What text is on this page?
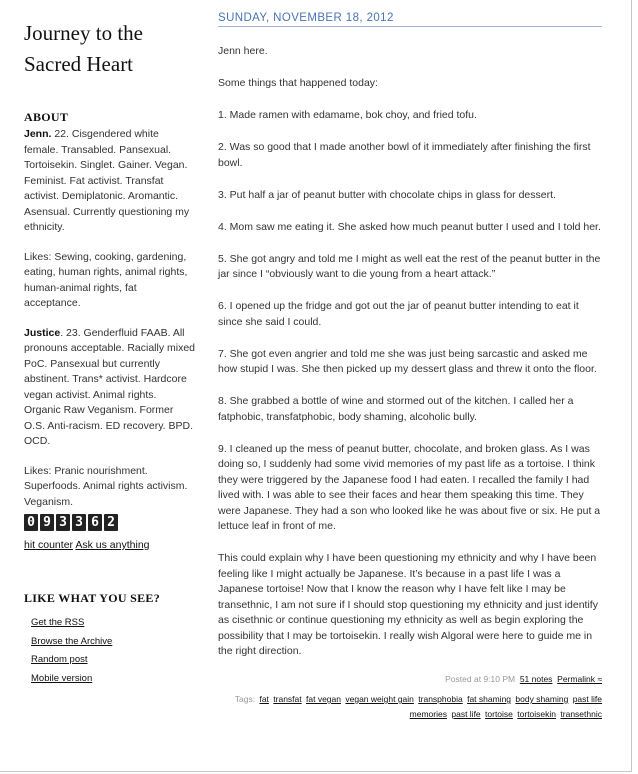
Journey to the
Sacred Heart
ABOUT

Jenn. 22. Cisgendered white female. Transabled. Pansexual. Tortoisekin. Singlet. Gainer. Vegan. Feminist. Fat activist. Transfat activist. Demiplatonic. Aromantic. Asensual. Currently questioning my ethnicity.

Likes: Sewing, cooking, gardening, eating, human rights, animal rights, human-animal rights, fat acceptance.

Justice. 23. Genderfluid FAAB. All pronouns acceptable. Racially mixed PoC. Pansexual but currently abstinent. Trans* activist. Hardcore vegan activist. Animal rights. Organic Raw Veganism. Former O.S. Anti-racism. ED recovery. BPD. OCD.

Likes: Pranic nourishment. Superfoods. Animal rights activism. Veganism.

0 9 3 3 6 2
hit counter Ask us anything
LIKE WHAT YOU SEE?
Get the RSS
Browse the Archive
Random post
Mobile version
SUNDAY, NOVEMBER 18, 2012

Jenn here.

Some things that happened today:

1. Made ramen with edamame, bok choy, and fried tofu.

2. Was so good that I made another bowl of it immediately after finishing the first bowl.

3. Put half a jar of peanut butter with chocolate chips in glass for dessert.

4. Mom saw me eating it. She asked how much peanut butter I used and I told her.

5. She got angry and told me I might as well eat the rest of the peanut butter in the jar since I “obviously want to die young from a heart attack.”

6. I opened up the fridge and got out the jar of peanut butter intending to eat it since she said I could.

7. She got even angrier and told me she was just being sarcastic and asked me how stupid I was. She then picked up my dessert glass and threw it onto the floor.

8. She grabbed a bottle of wine and stormed out of the kitchen. I called her a fatphobic, transfatphobic, body shaming, alcoholic bully.

9. I cleaned up the mess of peanut butter, chocolate, and broken glass. As I was doing so, I suddenly had some vivid memories of my past life as a tortoise. I think they were triggered by the Japanese food I had eaten. I recalled the family I had lived with. I was able to see their faces and hear them speaking this time. They were Japanese. They had a son who looked like he was about five or six. He put a lettuce leaf in front of me.

This could explain why I have been questioning my ethnicity and why I have been feeling like I might actually be Japanese. It’s because in a past life I was a Japanese tortoise! Now that I know the reason why I have felt like I may be transethnic, I am not sure if I should stop questioning my ethnicity and just identify as cisethnic or continue questioning my ethnicity as well as begin exploring the possibility that I may be tortoisekin. I really wish Algoral were here to guide me in the right direction.

Posted at 9:10 PM 51 notes Permalink ≈
Tags: fat transfat fat vegan vegan weight gain transphobia fat shaming body shaming past life
memories past life tortoise tortoisekin transethnic
